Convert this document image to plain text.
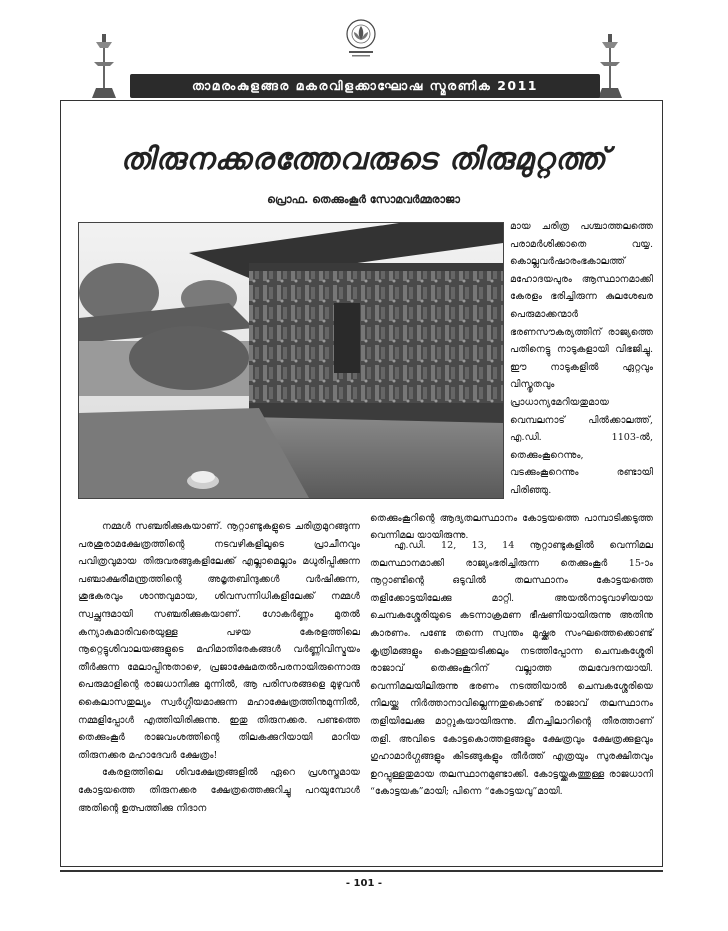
താമരംകുളങ്ങര മകരവിളക്കാഘോഷ സ്മരണിക 2011
തിരുനക്കരത്തേവരുടെ തിരുമുറ്റത്ത്
പ്രൊഫ. തെക്കുംകൂർ സോമവർമ്മരാജാ

മായ ചരിത്ര പശ്ചാത്തലത്തെ പരാമർശിക്കാതെ വയ്യ. കൊല്ലവർഷാരംഭകാലത്ത് മഹോദയപുരം ആസ്ഥാനമാക്കി കേരളം ഭരിച്ചിരുന്ന കുലശേഖര പെരുമാക്കന്മാർ ഭരണസൗകര്യത്തിന് രാജ്യത്തെ പതിനെട്ടു നാടുകളായി വിഭജിച്ചു. ഈ നാടുകളിൽ ഏറ്റവും വിസ്തൃതവും പ്രാധാന്യമേറിയതുമായ വെമ്പലനാട് പിൽക്കാലത്ത്, എ.ഡി. 1103-ൽ, തെക്കുംകൂറെന്നും, വടക്കുംകൂറെന്നും രണ്ടായി പിരിഞ്ഞു.

തെക്കുംകൂറിന്റെ ആദ്യതലസ്ഥാനം കോട്ടയത്തെ പാമ്പാടിക്കടുത്ത വെന്നിമല യായിരുന്നു.

നമ്മൾ സഞ്ചരിക്കുകയാണ്. നൂറ്റാണ്ടുകളുടെ ചരിത്രമുറങ്ങുന്ന പരശുരാമക്ഷേത്രത്തിന്റെ നടവഴികളിലൂടെ പ്രാചീനവും പവിത്രവുമായ തിരുവരങ്ങുകളിലേക്ക് എല്ലാമെല്ലാം മധുരിപ്പിക്കുന്ന പഞ്ചാക്ഷരീമന്ത്രത്തിന്റെ അമൃതബിന്ദുക്കൾ വർഷിക്കുന്ന, ശുഭകരവും ശാന്തവുമായ, ശിവസന്നിധികളിലേക്ക് നമ്മൾ സ്വച്ഛന്ദമായി സഞ്ചരിക്കുകയാണ്. ഗോകർണ്ണം മുതൽ കന്യാകുമാരിവരെയുള്ള പഴയ കേരളത്തിലെ നൂറ്റെട്ടുശിവാലയങ്ങളുടെ മഹിമാതിരേകങ്ങൾ വർണ്ണിവിസ്മയം തീർക്കുന്ന മേലാപ്പിനുതാഴെ, പ്രജാക്ഷേമതൽപരനായിരുന്നൊരു പെരുമാളിന്റെ രാജധാനിക്കു മുന്നിൽ, ആ പരിസരങ്ങളെ മുഴുവൻ കൈലാസതുല്യം സ്വർഗ്ഗീയമാക്കുന്ന മഹാക്ഷേത്രത്തിനുമുന്നിൽ, നമ്മളിപ്പോൾ എത്തിയിരിക്കുന്നു. ഇതു തിരുനക്കര. പണ്ടത്തെ തെക്കുംകൂർ രാജവംശത്തിന്റെ തിലകക്കുറിയായി മാറിയ തിരുനക്കര മഹാദേവർ ക്ഷേത്രം!

കേരളത്തിലെ ശിവക്ഷേത്രങ്ങളിൽ ഏറെ പ്രശസ്തമായ കോട്ടയത്തെ തിരുനക്കര ക്ഷേത്രത്തെക്കുറിച്ചു പറയുമ്പോൾ അതിന്റെ ഉത്പത്തിക്കു നിദാന

എ.ഡി. 12, 13, 14 നൂറ്റാണ്ടുകളിൽ വെന്നിമല തലസ്ഥാനമാക്കി രാജ്യംഭരിച്ചിരുന്ന തെക്കുംകൂർ 15-ാം നൂറ്റാണ്ടിന്റെ ഒടുവിൽ തലസ്ഥാനം കോട്ടയത്തെ തളിക്കോട്ടയിലേക്കു മാറ്റി. അയൽനാടുവാഴിയായ ചെമ്പകശ്ശേരിയുടെ കടന്നാക്രമണ ഭീഷണിയായിരുന്നു അതിനു കാരണം. പണ്ടേ തന്നെ സ്വന്തം മുഷ്ക്കര സംഘത്തെക്കൊണ്ട് കൃത്രിമങ്ങളും കൊള്ളയടിക്കലും നടത്തിപ്പോന്ന ചെമ്പകശ്ശേരി രാജാവ് തെക്കുംകൂറിന് വല്ലാത്ത തലവേദനയായി. വെന്നിമലയിലിരുന്നു ഭരണം നടത്തിയാൽ ചെമ്പകശ്ശേരിയെ നിലയ്ക്കു നിർത്താനാവില്ലെന്നതുകൊണ്ട് രാജാവ് തലസ്ഥാനം തളിയിലേക്കു മാറ്റുകയായിരുന്നു. മീനച്ചിലാറിന്റെ തീരത്താണ് തളി. അവിടെ കോട്ടകൊത്തളങ്ങളും ക്ഷേത്രവും ക്ഷേത്രക്കുളവും ഗുഹാമാർഗ്ഗങ്ങളും കിടങ്ങുകളും തീർത്ത് എത്രയും സുരക്ഷിതവും ഉറപ്പുള്ളതുമായ തലസ്ഥാനമുണ്ടാക്കി. കോട്ടയ്ക്കകത്തുള്ള രാജധാനി “കോട്ടയക”മായി; പിന്നെ “കോട്ടയവു”മായി.

- 101 -
